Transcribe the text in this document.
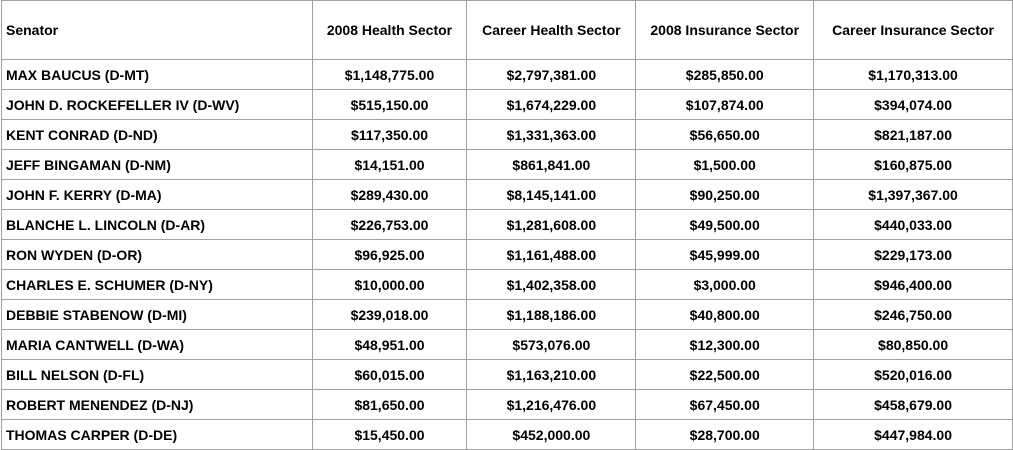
Senator	2008 Health Sector	Career Health Sector	2008 Insurance Sector	Career Insurance Sector
MAX BAUCUS (D-MT)	$1,148,775.00	$2,797,381.00	$285,850.00	$1,170,313.00
JOHN D. ROCKEFELLER IV (D-WV)	$515,150.00	$1,674,229.00	$107,874.00	$394,074.00
KENT CONRAD (D-ND)	$117,350.00	$1,331,363.00	$56,650.00	$821,187.00
JEFF BINGAMAN (D-NM)	$14,151.00	$861,841.00	$1,500.00	$160,875.00
JOHN F. KERRY (D-MA)	$289,430.00	$8,145,141.00	$90,250.00	$1,397,367.00
BLANCHE L. LINCOLN (D-AR)	$226,753.00	$1,281,608.00	$49,500.00	$440,033.00
RON WYDEN (D-OR)	$96,925.00	$1,161,488.00	$45,999.00	$229,173.00
CHARLES E. SCHUMER (D-NY)	$10,000.00	$1,402,358.00	$3,000.00	$946,400.00
DEBBIE STABENOW (D-MI)	$239,018.00	$1,188,186.00	$40,800.00	$246,750.00
MARIA CANTWELL (D-WA)	$48,951.00	$573,076.00	$12,300.00	$80,850.00
BILL NELSON (D-FL)	$60,015.00	$1,163,210.00	$22,500.00	$520,016.00
ROBERT MENENDEZ (D-NJ)	$81,650.00	$1,216,476.00	$67,450.00	$458,679.00
THOMAS CARPER (D-DE)	$15,450.00	$452,000.00	$28,700.00	$447,984.00
